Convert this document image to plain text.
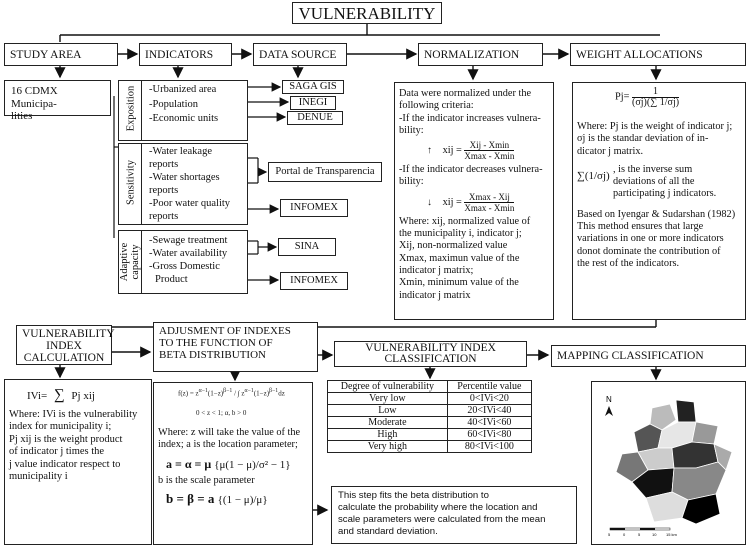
VULNERABILITY
STUDY AREA	INDICATORS	DATA SOURCE	NORMALIZATION	WEIGHT ALLOCATIONS
16 CDMX Municipa-
lities	Exposition -Urbanized area
-Population
-Economic units
Sensitivity
-Water leakage
reports
-Water shortages
reports
-Poor water quality
reports
Adaptive capacity
-Sewage treatment
-Water availability
-Gross Domestic
Product
SAGA GIS
INEGI
DENUE
Portal de Transparencia
INFOMEX
SINA
INFOMEX
Data were normalized under the
following criteria:
-If the indicator increases vulnera-
bility:
↑ xij = $\frac{\text{Xij - Xmin}}{Xmax - Xmin}$
-If the indicator decreases vulnera-
bility:
↓ xij = $\frac{\text{Xmax - Xij}}{Xmax - Xmin}$
Where: xij, normalized value of
the municipality i, indicator j;
Xij, non-normalized value
Xmax, maximun value of the
indicator j matrix;
Xmin, minimum value of the
indicator j matrix
$Pj= \frac{1}{(\sigma j)(\sum 1/\sigma j)}$
Where: Pj is the weight of indicator j;
σj is the standar deviation of in-
dicator j matrix.
∑(1/σj)
, is the inverse sum
deviations of all the
participating j indicators.
Based on Iyengar & Sudarshan (1982)
This method ensures that large
variations in one or more indicators
donot dominate the contribution of
the rest of the indicators.
VULNERABILITY
INDEX
CALCULATION
ADJUSMENT OF INDEXES
TO THE FUNCTION OF
BETA DISTRIBUTION
VULNERABILITY INDEX
CLASSIFICATION	MAPPING CLASSIFICATION
IVi= ∑ Pj xij
Where: IVi is the vulnerability
index for municipality i;
Pj xij is the weight product
of indicator j times the
j value indicator respect to
municipality i
$f(z) = z^{\alpha-1}(1-z)^{\beta-1}$ / ∫ $z^{\alpha-1}(1-z)^{\beta-1}dz$
0 < z < 1; α, b > 0
Where: z will take the value of the
index; a is the location parameter;
a = α = μ {μ(1 − μ)/σ² − 1}
b is the scale parameter
b = β = a {(1 − μ)/μ}
Degree of vulnerability	Percentile value
Very low	0<IVi<20
Low	20<IVi<40
Moderate	40<IVi<60
High	60<IVi<80
Very high	80<IVi<100
This step fits the beta distribution to
calculate the probability where the location and
scale parameters were calculated from the mean
and standard deviation.
N
5	0	5	10 15 km
